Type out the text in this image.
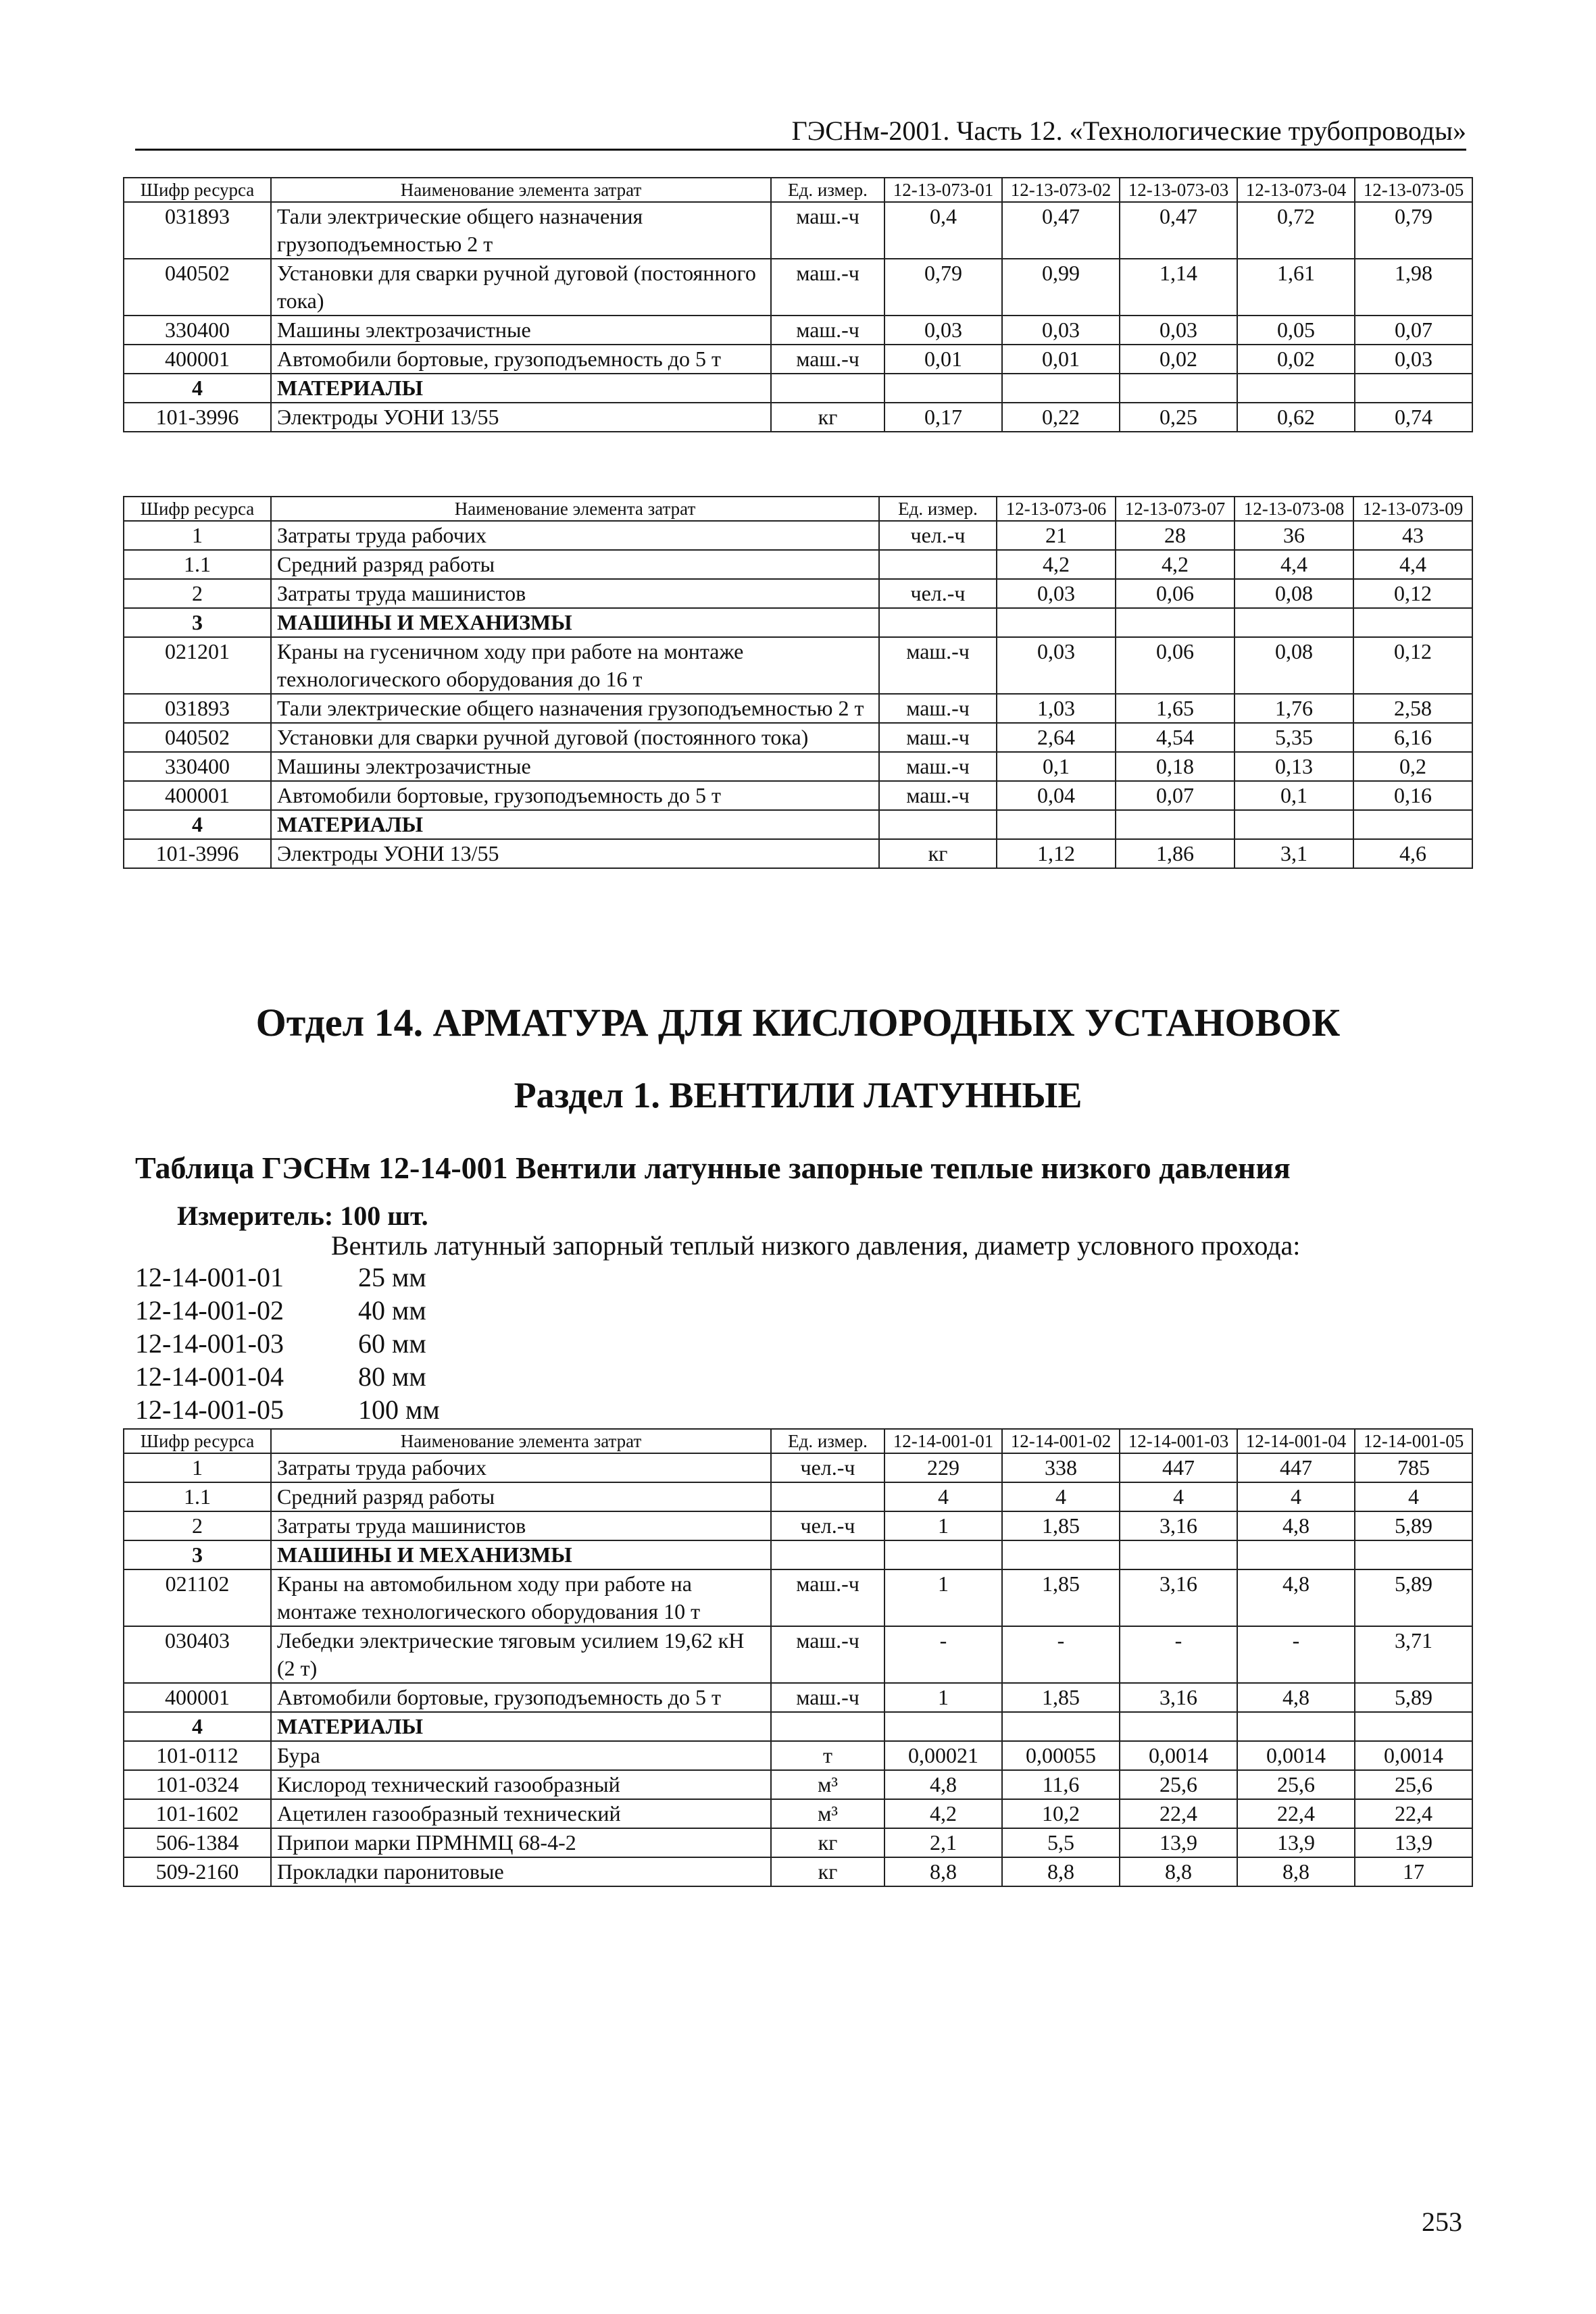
ГЭСНм-2001. Часть 12. «Технологические трубопроводы»
Шифр ресурса	Наименование элемента затрат	Ед. измер.	12-13-073-01	12-13-073-02	12-13-073-03	12-13-073-04	12-13-073-05
031893	Тали электрические общего назначения грузоподъемностью 2 т	маш.-ч	0,4	0,47	0,47	0,72	0,79
040502	Установки для сварки ручной дуговой (постоянного тока)	маш.-ч	0,79	0,99	1,14	1,61	1,98
330400	Машины электрозачистные	маш.-ч	0,03	0,03	0,03	0,05	0,07
400001	Автомобили бортовые, грузоподъемность до 5 т	маш.-ч	0,01	0,01	0,02	0,02	0,03
4	МАТЕРИАЛЫ						
101-3996	Электроды УОНИ 13/55	кг	0,17	0,22	0,25	0,62	0,74
Шифр ресурса	Наименование элемента затрат	Ед. измер.	12-13-073-06	12-13-073-07	12-13-073-08	12-13-073-09
1	Затраты труда рабочих	чел.-ч	21	28	36	43
1.1	Средний разряд работы		4,2	4,2	4,4	4,4
2	Затраты труда машинистов	чел.-ч	0,03	0,06	0,08	0,12
3	МАШИНЫ И МЕХАНИЗМЫ					
021201	Краны на гусеничном ходу при работе на монтаже технологического оборудования до 16 т	маш.-ч	0,03	0,06	0,08	0,12
031893	Тали электрические общего назначения грузоподъемностью 2 т	маш.-ч	1,03	1,65	1,76	2,58
040502	Установки для сварки ручной дуговой (постоянного тока)	маш.-ч	2,64	4,54	5,35	6,16
330400	Машины электрозачистные	маш.-ч	0,1	0,18	0,13	0,2
400001	Автомобили бортовые, грузоподъемность до 5 т	маш.-ч	0,04	0,07	0,1	0,16
4	МАТЕРИАЛЫ					
101-3996	Электроды УОНИ 13/55	кг	1,12	1,86	3,1	4,6
Отдел 14. АРМАТУРА ДЛЯ КИСЛОРОДНЫХ УСТАНОВОК
Раздел 1. ВЕНТИЛИ ЛАТУННЫЕ
Таблица ГЭСНм 12-14-001 Вентили латунные запорные теплые низкого давления
Измеритель: 100 шт.
Вентиль латунный запорный теплый низкого давления, диаметр условного прохода:
12-14-001-01	25 мм
12-14-001-02	40 мм
12-14-001-03	60 мм
12-14-001-04	80 мм
12-14-001-05	100 мм
Шифр ресурса	Наименование элемента затрат	Ед. измер.	12-14-001-01	12-14-001-02	12-14-001-03	12-14-001-04	12-14-001-05
1	Затраты труда рабочих	чел.-ч	229	338	447	447	785
1.1	Средний разряд работы		4	4	4	4	4
2	Затраты труда машинистов	чел.-ч	1	1,85	3,16	4,8	5,89
3	МАШИНЫ И МЕХАНИЗМЫ						
021102	Краны на автомобильном ходу при работе на монтаже технологического оборудования 10 т	маш.-ч	1	1,85	3,16	4,8	5,89
030403	Лебедки электрические тяговым усилием 19,62 кН (2 т)	маш.-ч	-	-	-	-	3,71
400001	Автомобили бортовые, грузоподъемность до 5 т	маш.-ч	1	1,85	3,16	4,8	5,89
4	МАТЕРИАЛЫ						
101-0112	Бура	т	0,00021	0,00055	0,0014	0,0014	0,0014
101-0324	Кислород технический газообразный	м³	4,8	11,6	25,6	25,6	25,6
101-1602	Ацетилен газообразный технический	м³	4,2	10,2	22,4	22,4	22,4
506-1384	Припои марки ПРМНМЦ 68-4-2	кг	2,1	5,5	13,9	13,9	13,9
509-2160	Прокладки паронитовые	кг	8,8	8,8	8,8	8,8	17
253
